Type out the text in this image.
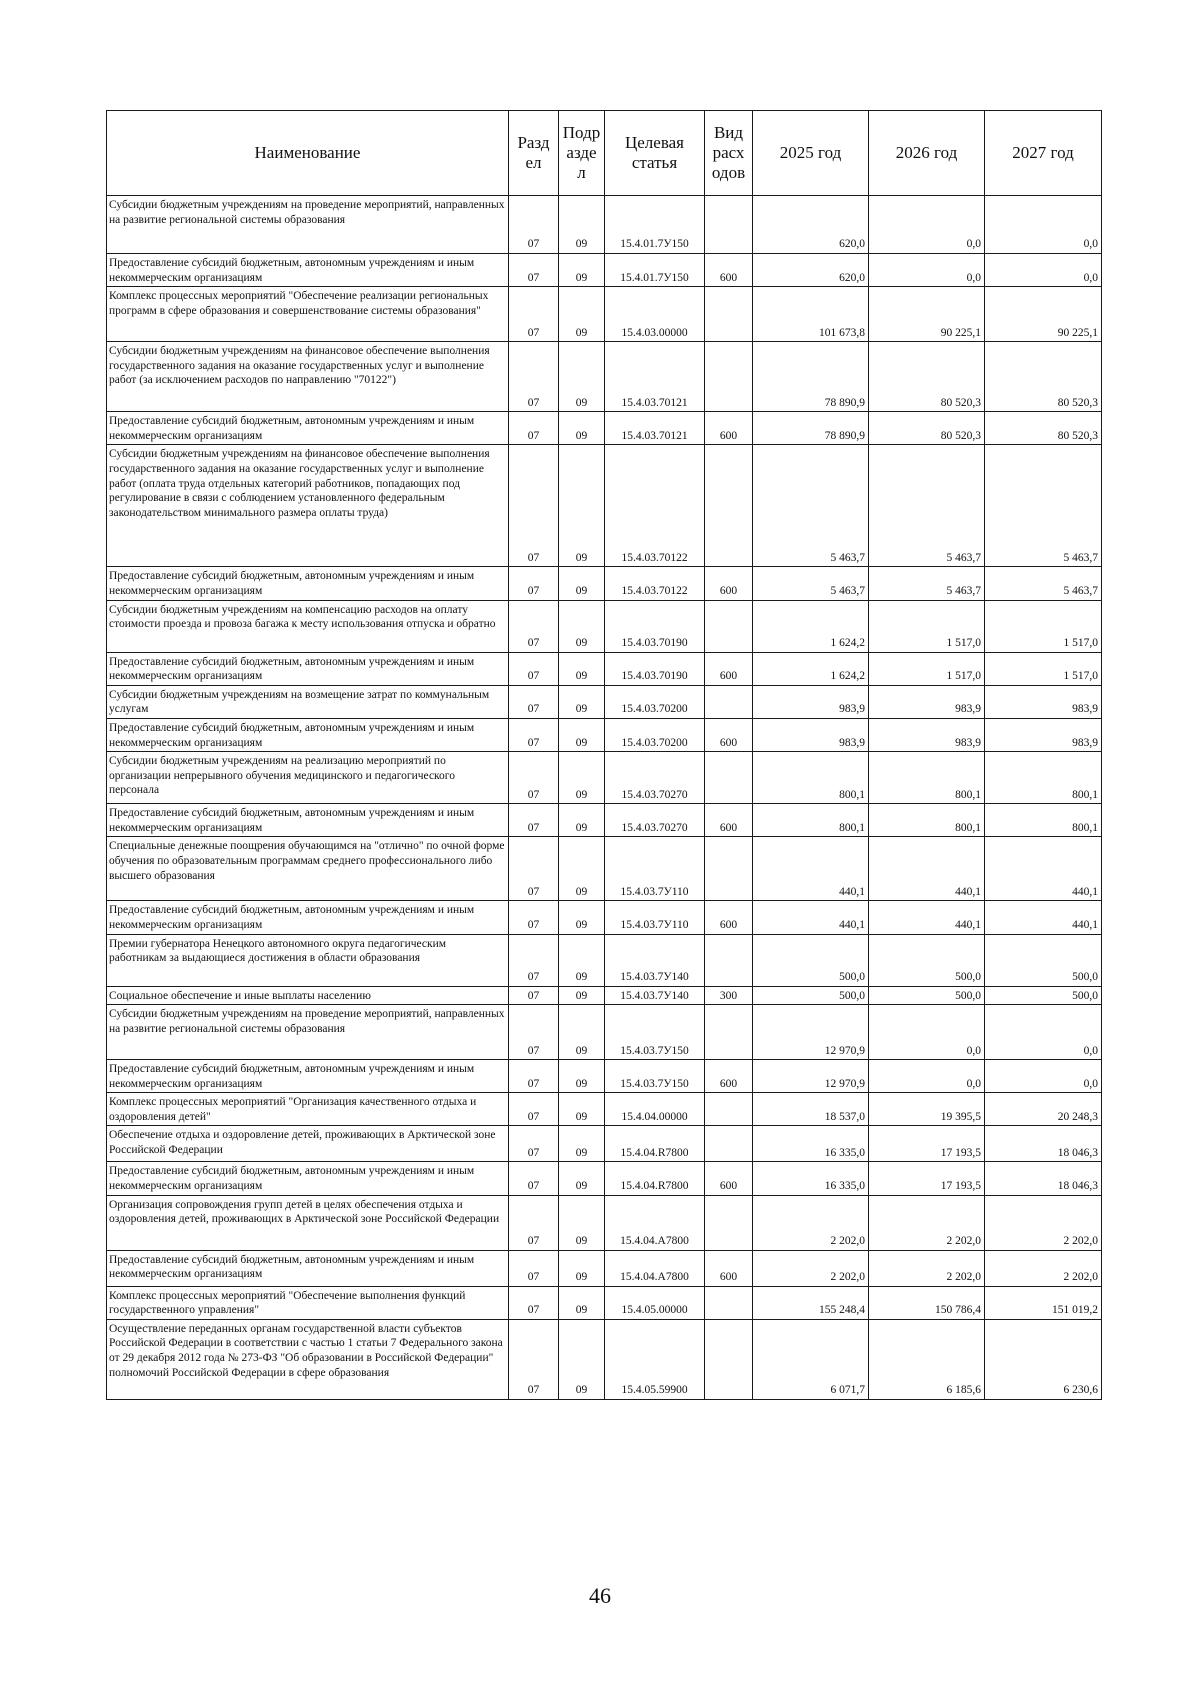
Наименование	Разд ел	Подр азде л	Целевая статья	Вид расх одов	2025 год	2026 год	2027 год
Субсидии бюджетным учреждениям на проведение мероприятий, направленных на развитие региональной системы образования	07	09	15.4.01.7У150		620,0	0,0	0,0
Предоставление субсидий бюджетным, автономным учреждениям и иным некоммерческим организациям	07	09	15.4.01.7У150	600	620,0	0,0	0,0
Комплекс процессных мероприятий "Обеспечение реализации региональных программ в сфере образования и совершенствование системы образования"	07	09	15.4.03.00000		101 673,8	90 225,1	90 225,1
Субсидии бюджетным учреждениям на финансовое обеспечение выполнения государственного задания на оказание государственных услуг и выполнение работ (за исключением расходов по направлению "70122")	07	09	15.4.03.70121		78 890,9	80 520,3	80 520,3
Предоставление субсидий бюджетным, автономным учреждениям и иным некоммерческим организациям	07	09	15.4.03.70121	600	78 890,9	80 520,3	80 520,3
Субсидии бюджетным учреждениям на финансовое обеспечение выполнения государственного задания на оказание государственных услуг и выполнение работ (оплата труда отдельных категорий работников, попадающих под регулирование в связи с соблюдением установленного федеральным законодательством минимального размера оплаты труда)	07	09	15.4.03.70122		5 463,7	5 463,7	5 463,7
Предоставление субсидий бюджетным, автономным учреждениям и иным некоммерческим организациям	07	09	15.4.03.70122	600	5 463,7	5 463,7	5 463,7
Субсидии бюджетным учреждениям на компенсацию расходов на оплату стоимости проезда и провоза багажа к месту использования отпуска и обратно	07	09	15.4.03.70190		1 624,2	1 517,0	1 517,0
Предоставление субсидий бюджетным, автономным учреждениям и иным некоммерческим организациям	07	09	15.4.03.70190	600	1 624,2	1 517,0	1 517,0
Субсидии бюджетным учреждениям на возмещение затрат по коммунальным услугам	07	09	15.4.03.70200		983,9	983,9	983,9
Предоставление субсидий бюджетным, автономным учреждениям и иным некоммерческим организациям	07	09	15.4.03.70200	600	983,9	983,9	983,9
Субсидии бюджетным учреждениям на реализацию мероприятий по организации непрерывного обучения медицинского и педагогического персонала	07	09	15.4.03.70270		800,1	800,1	800,1
Предоставление субсидий бюджетным, автономным учреждениям и иным некоммерческим организациям	07	09	15.4.03.70270	600	800,1	800,1	800,1
Специальные денежные поощрения обучающимся на "отлично" по очной форме обучения по образовательным программам среднего профессионального либо высшего образования	07	09	15.4.03.7У110		440,1	440,1	440,1
Предоставление субсидий бюджетным, автономным учреждениям и иным некоммерческим организациям	07	09	15.4.03.7У110	600	440,1	440,1	440,1
Премии губернатора Ненецкого автономного округа педагогическим работникам за выдающиеся достижения в области образования	07	09	15.4.03.7У140		500,0	500,0	500,0
Социальное обеспечение и иные выплаты населению	07	09	15.4.03.7У140	300	500,0	500,0	500,0
Субсидии бюджетным учреждениям на проведение мероприятий, направленных на развитие региональной системы образования	07	09	15.4.03.7У150		12 970,9	0,0	0,0
Предоставление субсидий бюджетным, автономным учреждениям и иным некоммерческим организациям	07	09	15.4.03.7У150	600	12 970,9	0,0	0,0
Комплекс процессных мероприятий "Организация качественного отдыха и оздоровления детей"	07	09	15.4.04.00000		18 537,0	19 395,5	20 248,3
Обеспечение отдыха и оздоровление детей, проживающих в Арктической зоне Российской Федерации	07	09	15.4.04.R7800		16 335,0	17 193,5	18 046,3
Предоставление субсидий бюджетным, автономным учреждениям и иным некоммерческим организациям	07	09	15.4.04.R7800	600	16 335,0	17 193,5	18 046,3
Организация сопровождения групп детей в целях обеспечения отдыха и оздоровления детей, проживающих в Арктической зоне Российской Федерации	07	09	15.4.04.A7800		2 202,0	2 202,0	2 202,0
Предоставление субсидий бюджетным, автономным учреждениям и иным некоммерческим организациям	07	09	15.4.04.A7800	600	2 202,0	2 202,0	2 202,0
Комплекс процессных мероприятий "Обеспечение выполнения функций государственного управления"	07	09	15.4.05.00000		155 248,4	150 786,4	151 019,2
Осуществление переданных органам государственной власти субъектов Российской Федерации в соответствии с частью 1 статьи 7 Федерального закона от 29 декабря 2012 года № 273-ФЗ "Об образовании в Российской Федерации" полномочий Российской Федерации в сфере образования	07	09	15.4.05.59900		6 071,7	6 185,6	6 230,6
46
